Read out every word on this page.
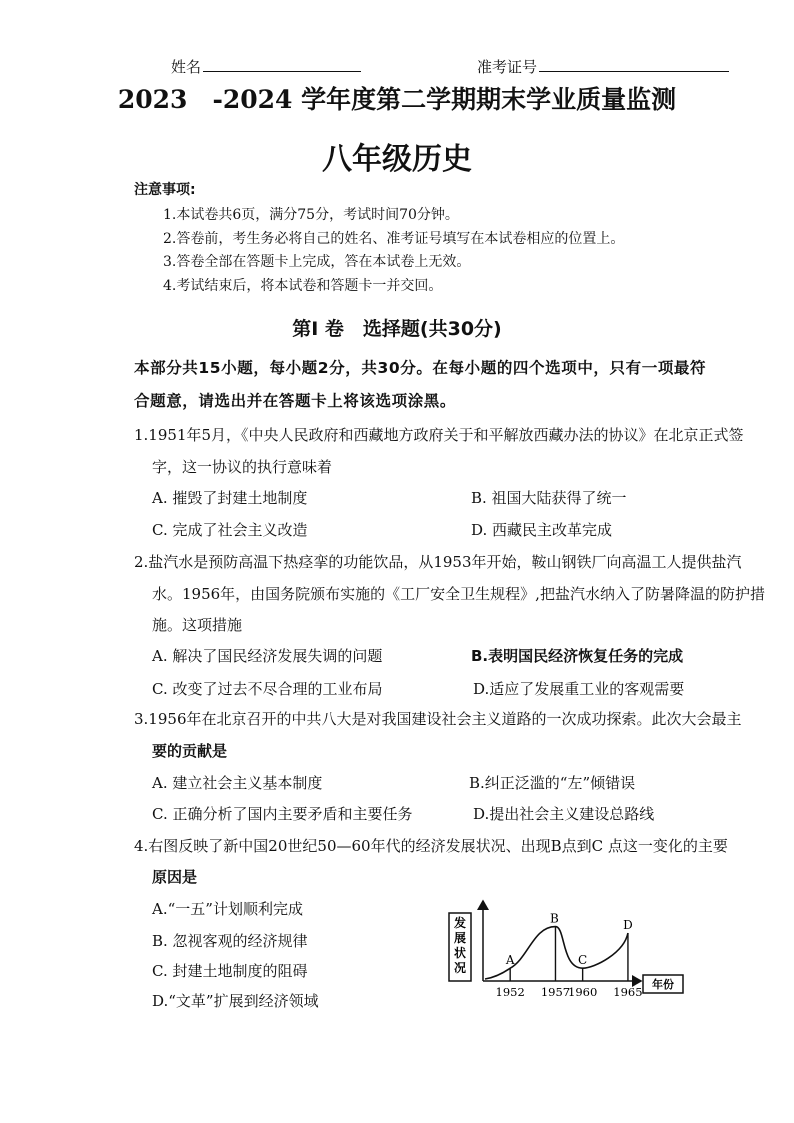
姓名	准考证号
2023　-2024 学年度第二学期期末学业质量监测
八年级历史
注意事项:
1.本试卷共6页，满分75分，考试时间70分钟。
2.答卷前，考生务必将自己的姓名、准考证号填写在本试卷相应的位置上。
3.答卷全部在答题卡上完成，答在本试卷上无效。
4.考试结束后，将本试卷和答题卡一并交回。
第I 卷　选择题(共30分)
本部分共15小题，每小题2分，共30分。在每小题的四个选项中，只有一项最符
合题意，请选出并在答题卡上将该选项涂黑。
1.1951年5月，《中央人民政府和西藏地方政府关于和平解放西藏办法的协议》在北京正式签
字，这一协议的执行意味着
A. 摧毁了封建土地制度	B. 祖国大陆获得了统一
C. 完成了社会主义改造	D. 西藏民主改革完成
2.盐汽水是预防高温下热痉挛的功能饮品，从1953年开始，鞍山钢铁厂向高温工人提供盐汽
水。1956年，由国务院颁布实施的《工厂安全卫生规程》,把盐汽水纳入了防暑降温的防护措
施。这项措施
A. 解决了国民经济发展失调的问题	B.表明国民经济恢复任务的完成
C. 改变了过去不尽合理的工业布局	D.适应了发展重工业的客观需要
3.1956年在北京召开的中共八大是对我国建设社会主义道路的一次成功探索。此次大会最主
要的贡献是
A. 建立社会主义基本制度	B.纠正泛滥的“左”倾错误
C. 正确分析了国内主要矛盾和主要任务	D.提出社会主义建设总路线
4.右图反映了新中国20世纪50—60年代的经济发展状况、出现B点到C 点这一变化的主要
原因是
A.“一五”计划顺利完成
B. 忽视客观的经济规律
C. 封建土地制度的阻碍
D.“文革”扩展到经济领域
发展状况
年份
A
B
C
D
1952 1957
1960 1965
